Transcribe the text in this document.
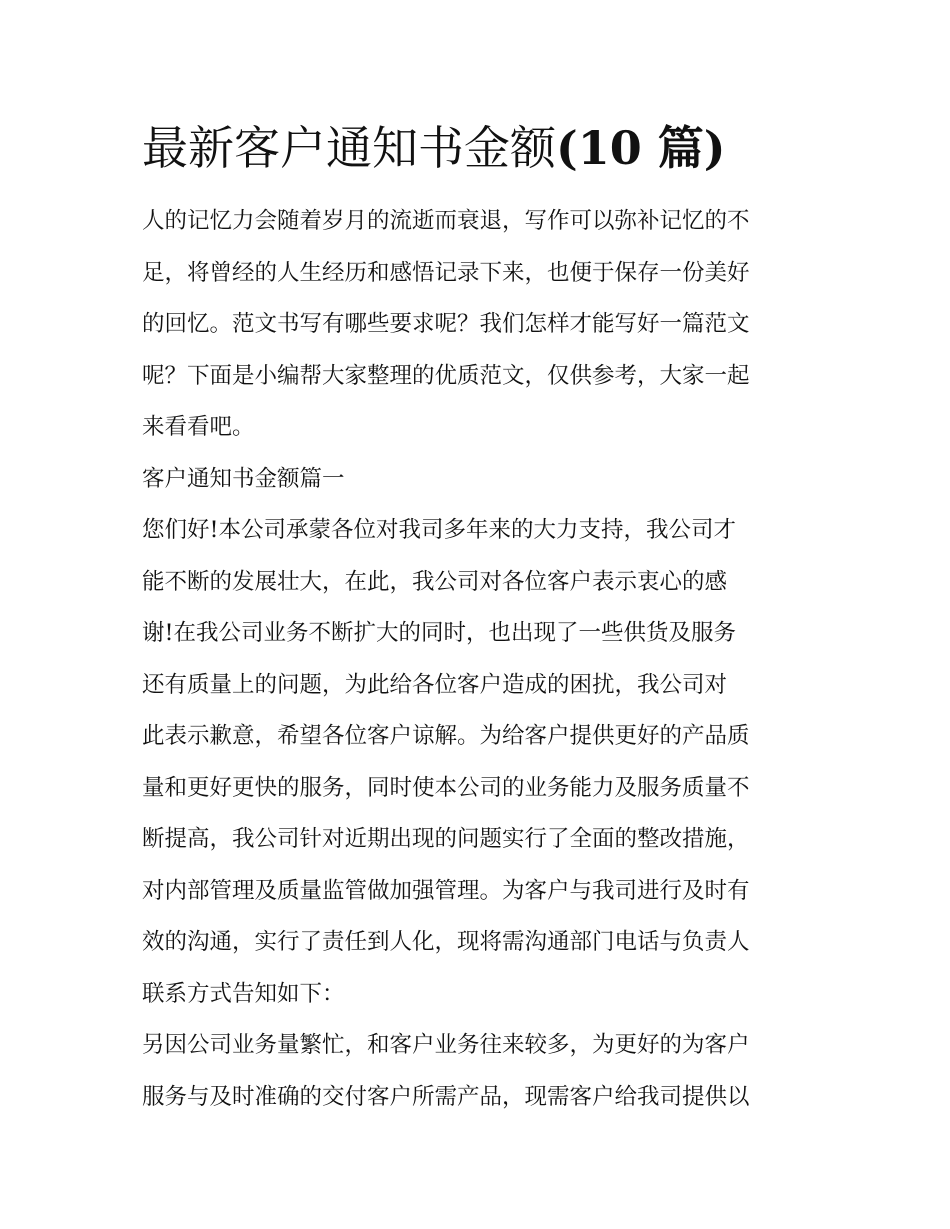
最新客户通知书金额(10 篇)

人的记忆力会随着岁月的流逝而衰退，写作可以弥补记忆的不
足，将曾经的人生经历和感悟记录下来，也便于保存一份美好
的回忆。范文书写有哪些要求呢？我们怎样才能写好一篇范文
呢？下面是小编帮大家整理的优质范文，仅供参考，大家一起
来看看吧。

客户通知书金额篇一

您们好!本公司承蒙各位对我司多年来的大力支持，我公司才
能不断的发展壮大，在此，我公司对各位客户表示衷心的感
谢!在我公司业务不断扩大的同时，也出现了一些供货及服务
还有质量上的问题，为此给各位客户造成的困扰，我公司对
此表示歉意，希望各位客户谅解。为给客户提供更好的产品质
量和更好更快的服务，同时使本公司的业务能力及服务质量不
断提高，我公司针对近期出现的问题实行了全面的整改措施，
对内部管理及质量监管做加强管理。为客户与我司进行及时有
效的沟通，实行了责任到人化，现将需沟通部门电话与负责人
联系方式告知如下：

另因公司业务量繁忙，和客户业务往来较多，为更好的为客户
服务与及时准确的交付客户所需产品，现需客户给我司提供以
